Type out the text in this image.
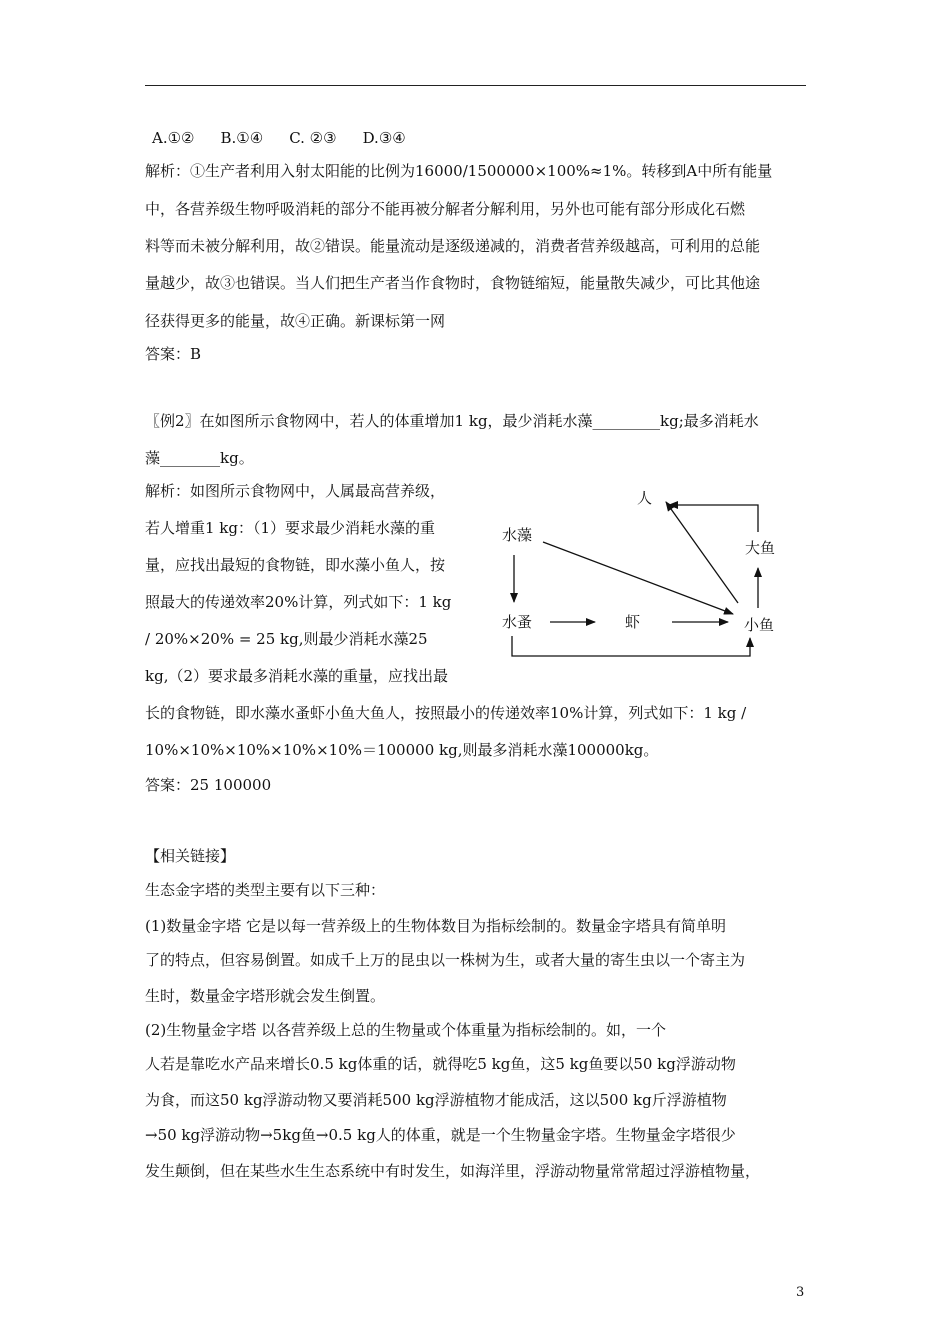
A.①② B.①④ C. ②③ D.③④
解析：①生产者利用入射太阳能的比例为16000/1500000×100%≈1%。转移到A中所有能量
中，各营养级生物呼吸消耗的部分不能再被分解者分解利用，另外也可能有部分形成化石燃
料等而未被分解利用，故②错误。能量流动是逐级递减的，消费者营养级越高，可利用的总能
量越少，故③也错误。当人们把生产者当作食物时，食物链缩短，能量散失减少，可比其他途
径获得更多的能量，故④正确。新课标第一网
答案：B
〖例2〗在如图所示食物网中，若人的体重增加1 kg，最少消耗水藻_________kg;最多消耗水
藻________kg。
解析：如图所示食物网中，人属最高营养级，
若人增重1 kg：（1）要求最少消耗水藻的重
量，应找出最短的食物链，即水藻小鱼人，按
照最大的传递效率20%计算，列式如下：1 kg
/ 20%×20% = 25 kg,则最少消耗水藻25
kg,（2）要求最多消耗水藻的重量，应找出最
长的食物链，即水藻水蚤虾小鱼大鱼人，按照最小的传递效率10%计算，列式如下：1 kg /
10%×10%×10%×10%×10%＝100000 kg,则最多消耗水藻100000kg。
答案：25 100000
人
水藻
大鱼
水蚤	虾	小鱼
【相关链接】
生态金字塔的类型主要有以下三种：
(1)数量金字塔 它是以每一营养级上的生物体数目为指标绘制的。数量金字塔具有简单明
了的特点，但容易倒置。如成千上万的昆虫以一株树为生，或者大量的寄生虫以一个寄主为
生时，数量金字塔形就会发生倒置。
(2)生物量金字塔 以各营养级上总的生物量或个体重量为指标绘制的。如，一个
人若是靠吃水产品来增长0.5 kg体重的话，就得吃5 kg鱼，这5 kg鱼要以50 kg浮游动物
为食，而这50 kg浮游动物又要消耗500 kg浮游植物才能成活，这以500 kg斤浮游植物
→50 kg浮游动物→5kg鱼→0.5 kg人的体重，就是一个生物量金字塔。生物量金字塔很少
发生颠倒，但在某些水生生态系统中有时发生，如海洋里，浮游动物量常常超过浮游植物量，
3
